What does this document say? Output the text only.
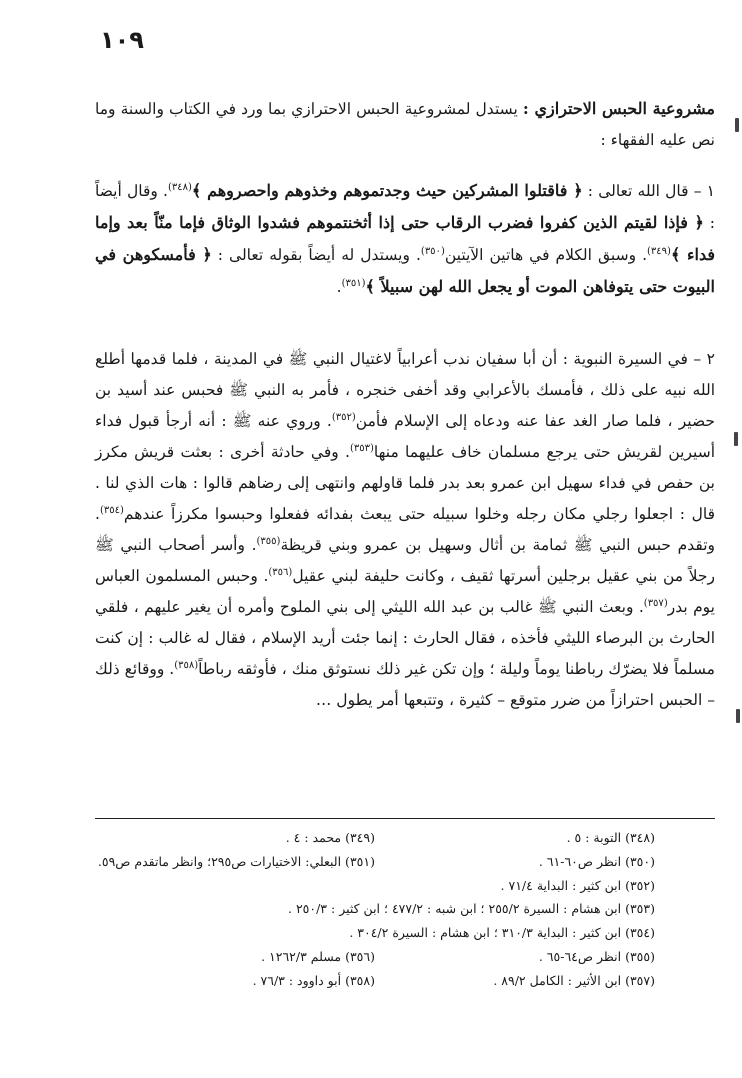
١٠٩

مشروعية الحبس الاحترازي : يستدل لمشروعية الحبس الاحترازي بما ورد في الكتاب والسنة وما نص عليه الفقهاء :

١ – قال الله تعالى : ﴿ فاقتلوا المشركين حيث وجدتموهم وخذوهم واحصروهم ﴾$^{(٣٤٨)}$. وقال أيضاً : ﴿ فإذا لقيتم الذين كفروا فضرب الرقاب حتى إذا أثخنتموهم فشدوا الوثاق فإما منّاً بعد وإما فداء ﴾$^{(٣٤٩)}$. وسبق الكلام في هاتين الآيتين$^{(٣٥٠)}$. ويستدل له أيضاً بقوله تعالى : ﴿ فأمسكوهن في البيوت حتى يتوفاهن الموت أو يجعل الله لهن سبيلاً ﴾$^{(٣٥١)}$.

٢ – في السيرة النبوية : أن أبا سفيان ندب أعرابياً لاغتيال النبي ﷺ في المدينة ، فلما قدمها أطلع الله نبيه على ذلك ، فأمسك بالأعرابي وقد أخفى خنجره ، فأمر به النبي ﷺ فحبس عند أسيد بن حضير ، فلما صار الغد عفا عنه ودعاه إلى الإسلام فأمن$^{(٣٥٢)}$. وروي عنه ﷺ : أنه أرجأ قبول فداء أسيرين لقريش حتى يرجع مسلمان خاف عليهما منها$^{(٣٥٣)}$. وفي حادثة أخرى : بعثت قريش مكرز بن حفص في فداء سهيل ابن عمرو بعد بدر فلما قاولهم وانتهى إلى رضاهم قالوا : هات الذي لنا . قال : اجعلوا رجلي مكان رجله وخلوا سبيله حتى يبعث بفدائه ففعلوا وحبسوا مكرزاً عندهم$^{(٣٥٤)}$. وتقدم حبس النبي ﷺ ثمامة بن أثال وسهيل بن عمرو وبني قريظة$^{(٣٥٥)}$. وأسر أصحاب النبي ﷺ رجلاً من بني عقيل برجلين أسرتها ثقيف ، وكانت حليفة لبني عقيل$^{(٣٥٦)}$. وحبس المسلمون العباس يوم بدر$^{(٣٥٧)}$. وبعث النبي ﷺ غالب بن عبد الله الليثي إلى بني الملوح وأمره أن يغير عليهم ، فلقي الحارث بن البرصاء الليثي فأخذه ، فقال الحارث : إنما جئت أريد الإسلام ، فقال له غالب : إن كنت مسلماً فلا يضرّك رباطنا يوماً وليلة ؛ وإن تكن غير ذلك نستوثق منك ، فأوثقه رباطاً$^{(٣٥٨)}$. ووقائع ذلك – الحبس احترازاً من ضرر متوقع – كثيرة ، وتتبعها أمر يطول …

(٣٤٨) التوبة : ٥ .
(٣٤٩) محمد : ٤ .
(٣٥٠) انظر ص٦٠-٦١ .
(٣٥١) البعلي: الاختيارات ص٢٩٥؛ وانظر ماتقدم ص٥٩.
(٣٥٢) ابن كثير : البداية ٧١/٤ .
(٣٥٣) ابن هشام : السيرة ٢٥٥/٢ ؛ ابن شبه : ٤٧٧/٢ ؛ ابن كثير : ٢٥٠/٣ .
(٣٥٤) ابن كثير : البداية ٣١٠/٣ ؛ ابن هشام : السيرة ٣٠٤/٢ .
(٣٥٥) انظر ص٦٤-٦٥ .
(٣٥٦) مسلم ١٢٦٢/٣ .
(٣٥٧) ابن الأثير : الكامل ٨٩/٢ .
(٣٥٨) أبو داوود : ٧٦/٣ .
